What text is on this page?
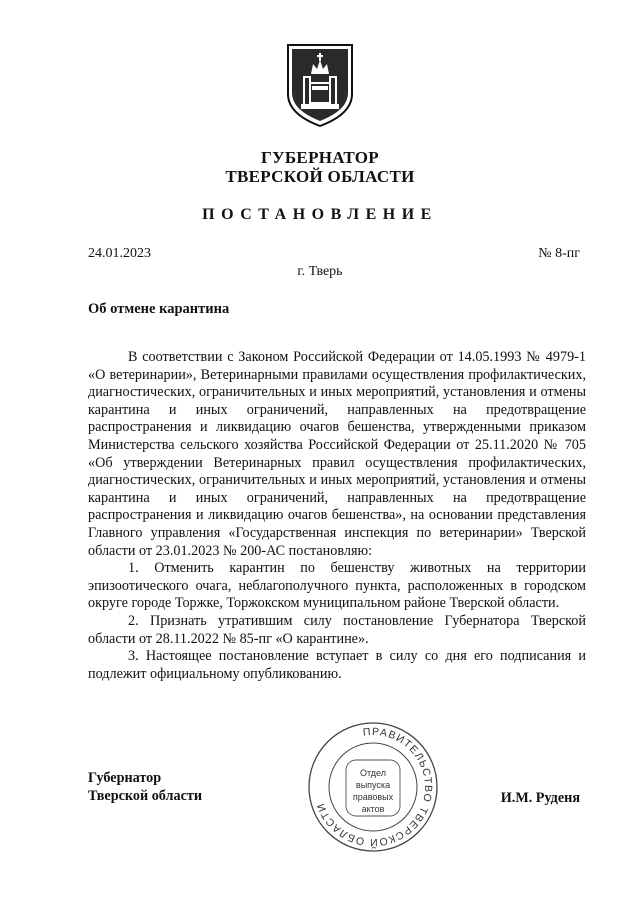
ГУБЕРНАТОР
ТВЕРСКОЙ ОБЛАСТИ
ПОСТАНОВЛЕНИЕ
24.01.2023	№ 8-пг
г. Тверь
Об отмене карантина

В соответствии с Законом Российской Федерации от 14.05.1993 № 4979-1 «О ветеринарии», Ветеринарными правилами осуществления профилактических, диагностических, ограничительных и иных мероприятий, установления и отмены карантина и иных ограничений, направленных на предотвращение распространения и ликвидацию очагов бешенства, утвержденными приказом Министерства сельского хозяйства Российской Федерации от 25.11.2020 № 705 «Об утверждении Ветеринарных правил осуществления профилактических, диагностических, ограничительных и иных мероприятий, установления и отмены карантина и иных ограничений, направленных на предотвращение распространения и ликвидацию очагов бешенства», на основании представления Главного управления «Государственная инспекция по ветеринарии» Тверской области от 23.01.2023 № 200-АС постановляю:

1. Отменить карантин по бешенству животных на территории эпизоотического очага, неблагополучного пункта, расположенных в городском округе городе Торжке, Торжокском муниципальном районе Тверской области.

2. Признать утратившим силу постановление Губернатора Тверской области от 28.11.2022 № 85-пг «О карантине».

3. Настоящее постановление вступает в силу со дня его подписания и подлежит официальному опубликованию.

Губернатор
Тверской области	И.М. Руденя
ПРАВИТЕЛЬСТВО ТВЕРСКОЙ ОБЛАСТИ
Отдел
выпуска
правовых
актов
